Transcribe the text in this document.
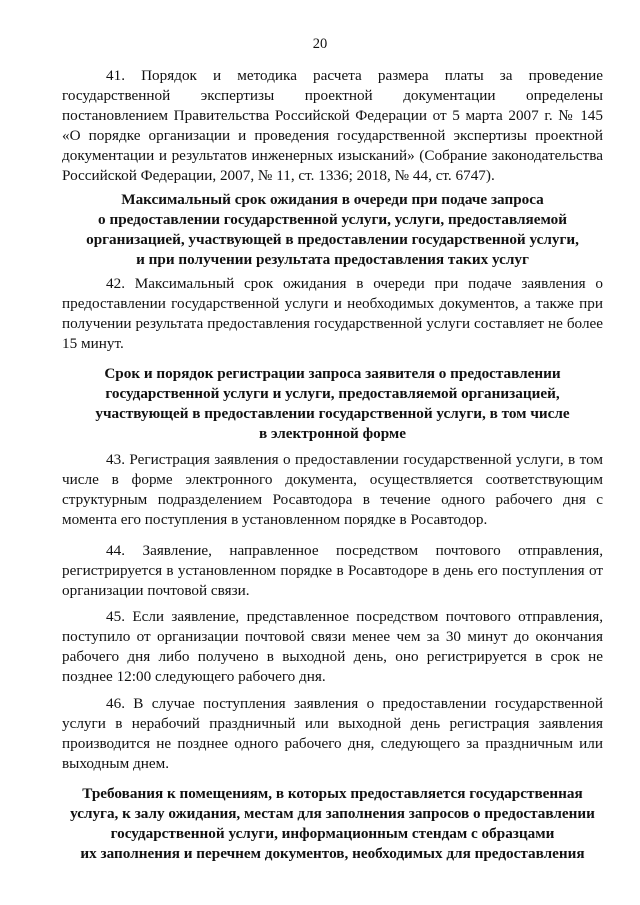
20

41. Порядок и методика расчета размера платы за проведение государственной экспертизы проектной документации определены постановлением Правительства Российской Федерации от 5 марта 2007 г. № 145 «О порядке организации и проведения государственной экспертизы проектной документации и результатов инженерных изысканий» (Собрание законодательства Российской Федерации, 2007, № 11, ст. 1336; 2018, № 44, ст. 6747).

Максимальный срок ожидания в очереди при подаче запроса
о предоставлении государственной услуги, услуги, предоставляемой
организацией, участвующей в предоставлении государственной услуги,
и при получении результата предоставления таких услуг

42. Максимальный срок ожидания в очереди при подаче заявления о предоставлении государственной услуги и необходимых документов, а также при получении результата предоставления государственной услуги составляет не более 15 минут.

Срок и порядок регистрации запроса заявителя о предоставлении
государственной услуги и услуги, предоставляемой организацией,
участвующей в предоставлении государственной услуги, в том числе
в электронной форме

43. Регистрация заявления о предоставлении государственной услуги, в том числе в форме электронного документа, осуществляется соответствующим структурным подразделением Росавтодора в течение одного рабочего дня с момента его поступления в установленном порядке в Росавтодор.

44. Заявление, направленное посредством почтового отправления, регистрируется в установленном порядке в Росавтодоре в день его поступления от организации почтовой связи.

45. Если заявление, представленное посредством почтового отправления, поступило от организации почтовой связи менее чем за 30 минут до окончания рабочего дня либо получено в выходной день, оно регистрируется в срок не позднее 12:00 следующего рабочего дня.

46. В случае поступления заявления о предоставлении государственной услуги в нерабочий праздничный или выходной день регистрация заявления производится не позднее одного рабочего дня, следующего за праздничным или выходным днем.

Требования к помещениям, в которых предоставляется государственная
услуга, к залу ожидания, местам для заполнения запросов о предоставлении
государственной услуги, информационным стендам с образцами
их заполнения и перечнем документов, необходимых для предоставления
